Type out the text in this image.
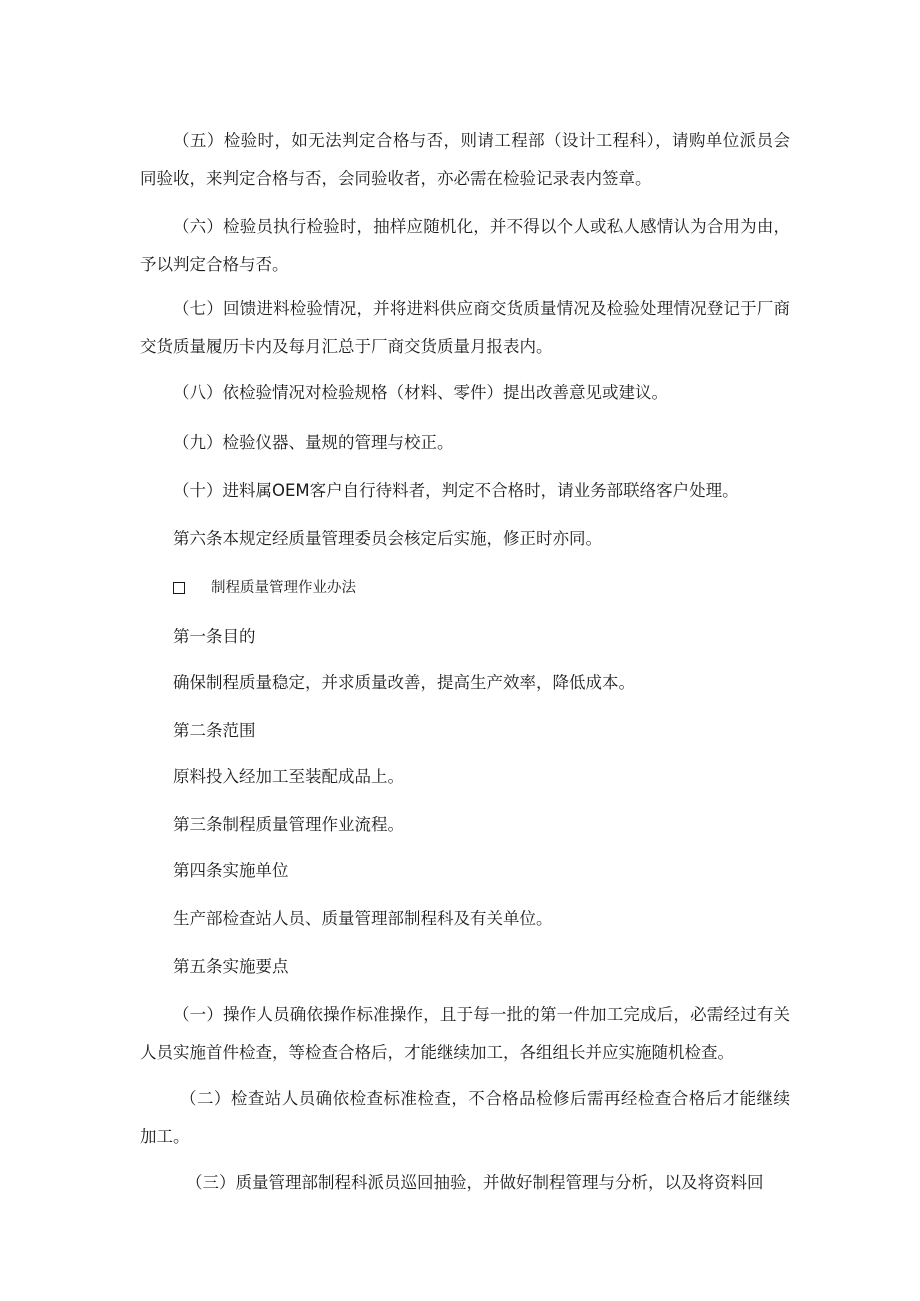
（五）检验时，如无法判定合格与否，则请工程部（设计工程科），请购单位派员会同验收，来判定合格与否，会同验收者，亦必需在检验记录表内签章。

（六）检验员执行检验时，抽样应随机化，并不得以个人或私人感情认为合用为由，予以判定合格与否。

（七）回馈进料检验情况，并将进料供应商交货质量情况及检验处理情况登记于厂商交货质量履历卡内及每月汇总于厂商交货质量月报表内。

（八）依检验情况对检验规格（材料、零件）提出改善意见或建议。

（九）检验仪器、量规的管理与校正。

（十）进料属OEM客户自行待料者，判定不合格时，请业务部联络客户处理。

第六条本规定经质量管理委员会核定后实施，修正时亦同。

制程质量管理作业办法

第一条目的

确保制程质量稳定，并求质量改善，提高生产效率，降低成本。

第二条范围

原料投入经加工至装配成品上。

第三条制程质量管理作业流程。

第四条实施单位

生产部检查站人员、质量管理部制程科及有关单位。

第五条实施要点

（一）操作人员确依操作标准操作，且于每一批的第一件加工完成后，必需经过有关人员实施首件检查，等检查合格后，才能继续加工，各组组长并应实施随机检查。

（二）检查站人员确依检查标准检查，不合格品检修后需再经检查合格后才能继续加工。

（三）质量管理部制程科派员巡回抽验，并做好制程管理与分析，以及将资料回
